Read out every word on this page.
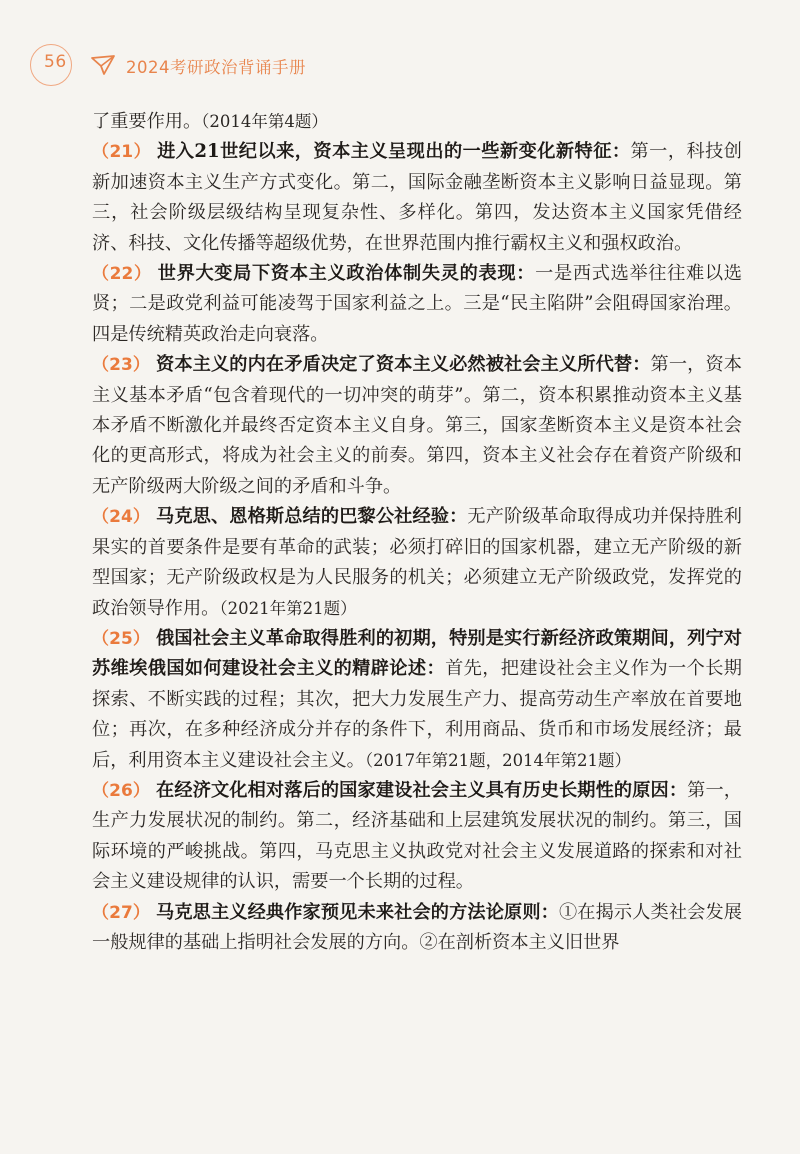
56	2024考研政治背诵手册

了重要作用。（2014年第4题）

（21） 进入21世纪以来，资本主义呈现出的一些新变化新特征：第一，科技创新加速资本主义生产方式变化。第二，国际金融垄断资本主义影响日益显现。第三，社会阶级层级结构呈现复杂性、多样化。第四，发达资本主义国家凭借经济、科技、文化传播等超级优势，在世界范围内推行霸权主义和强权政治。

（22） 世界大变局下资本主义政治体制失灵的表现：一是西式选举往往难以选贤；二是政党利益可能凌驾于国家利益之上。三是“民主陷阱”会阻碍国家治理。四是传统精英政治走向衰落。

（23） 资本主义的内在矛盾决定了资本主义必然被社会主义所代替：第一，资本主义基本矛盾“包含着现代的一切冲突的萌芽”。第二，资本积累推动资本主义基本矛盾不断激化并最终否定资本主义自身。第三，国家垄断资本主义是资本社会化的更高形式，将成为社会主义的前奏。第四，资本主义社会存在着资产阶级和无产阶级两大阶级之间的矛盾和斗争。

（24） 马克思、恩格斯总结的巴黎公社经验：无产阶级革命取得成功并保持胜利果实的首要条件是要有革命的武装；必须打碎旧的国家机器，建立无产阶级的新型国家；无产阶级政权是为人民服务的机关；必须建立无产阶级政党，发挥党的政治领导作用。（2021年第21题）

（25） 俄国社会主义革命取得胜利的初期，特别是实行新经济政策期间，列宁对苏维埃俄国如何建设社会主义的精辟论述：首先，把建设社会主义作为一个长期探索、不断实践的过程；其次，把大力发展生产力、提高劳动生产率放在首要地位；再次，在多种经济成分并存的条件下，利用商品、货币和市场发展经济；最后，利用资本主义建设社会主义。（2017年第21题，2014年第21题）

（26） 在经济文化相对落后的国家建设社会主义具有历史长期性的原因：第一，生产力发展状况的制约。第二，经济基础和上层建筑发展状况的制约。第三，国际环境的严峻挑战。第四，马克思主义执政党对社会主义发展道路的探索和对社会主义建设规律的认识，需要一个长期的过程。

（27） 马克思主义经典作家预见未来社会的方法论原则：①在揭示人类社会发展一般规律的基础上指明社会发展的方向。②在剖析资本主义旧世界
